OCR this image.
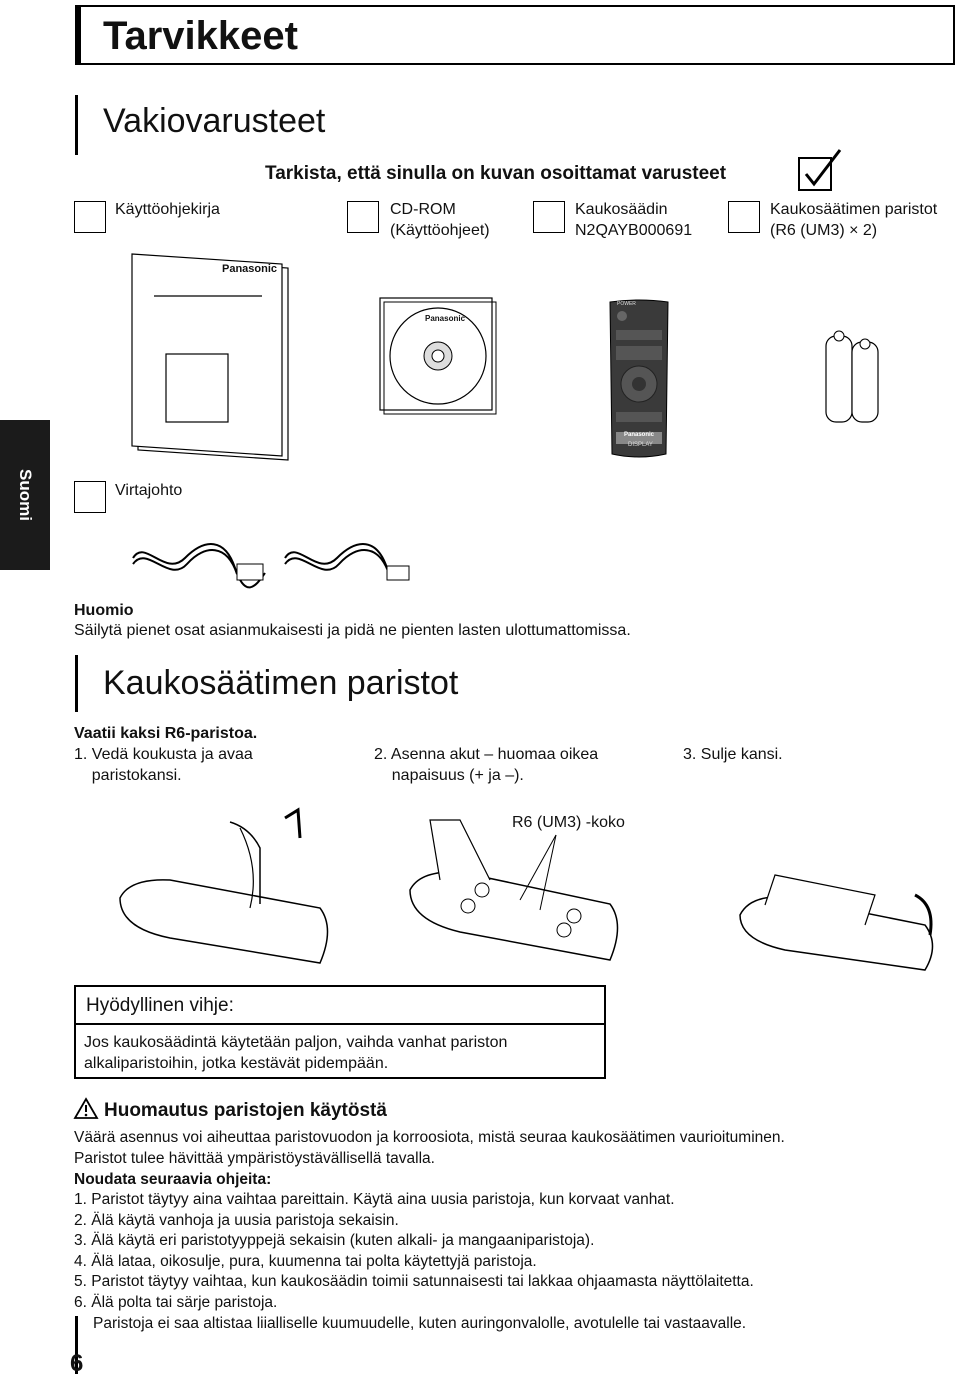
Tarvikkeet
Vakiovarusteet
Tarkista, että sinulla on kuvan osoittamat varusteet
Suomi
Käyttöohjekirja	CD-ROM
(Käyttöohjeet)
Kaukosäädin
N2QAYB000691
Kaukosäätimen paristot
(R6 (UM3) × 2)
Panasonic
Panasonic
POWER
Panasonic
DISPLAY
Virtajohto
Huomio
Säilytä pienet osat asianmukaisesti ja pidä ne pienten lasten ulottumattomissa.
Kaukosäätimen paristot
Vaatii kaksi R6-paristoa.
1. Vedä koukusta ja avaa
paristokansi.
2. Asenna akut – huomaa oikea
napaisuus (+ ja –).
3. Sulje kansi.
R6 (UM3) -koko
Hyödyllinen vihje:
Jos kaukosäädintä käytetään paljon, vaihda vanhat pariston
alkaliparistoihin, jotka kestävät pidempään.
Huomautus paristojen käytöstä
Väärä asennus voi aiheuttaa paristovuodon ja korroosiota, mistä seuraa kaukosäätimen vaurioituminen.
Paristot tulee hävittää ympäristöystävällisellä tavalla.
Noudata seuraavia ohjeita:
1. Paristot täytyy aina vaihtaa pareittain. Käytä aina uusia paristoja, kun korvaat vanhat.
2. Älä käytä vanhoja ja uusia paristoja sekaisin.
3. Älä käytä eri paristotyyppejä sekaisin (kuten alkali- ja mangaaniparistoja).
4. Älä lataa, oikosulje, pura, kuumenna tai polta käytettyjä paristoja.
5. Paristot täytyy vaihtaa, kun kaukosäädin toimii satunnaisesti tai lakkaa ohjaamasta näyttölaitetta.
6. Älä polta tai särje paristoja.
Paristoja ei saa altistaa liialliselle kuumuudelle, kuten auringonvalolle, avotulelle tai vastaavalle.
6
